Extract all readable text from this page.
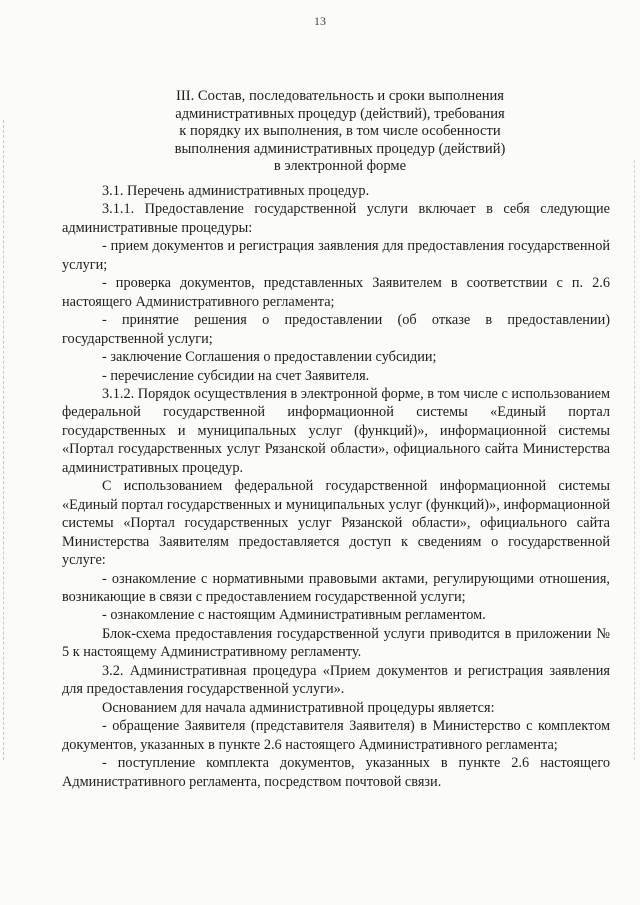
13
III. Состав, последовательность и сроки выполнения
административных процедур (действий), требования
к порядку их выполнения, в том числе особенности
выполнения административных процедур (действий)
в электронной форме

3.1. Перечень административных процедур.

3.1.1. Предоставление государственной услуги включает в себя следующие административные процедуры:

- прием документов и регистрация заявления для предоставления государственной услуги;

- проверка документов, представленных Заявителем в соответствии с п. 2.6 настоящего Административного регламента;

- принятие решения о предоставлении (об отказе в предоставлении) государственной услуги;

- заключение Соглашения о предоставлении субсидии;

- перечисление субсидии на счет Заявителя.

3.1.2. Порядок осуществления в электронной форме, в том числе с использованием федеральной государственной информационной системы «Единый портал государственных и муниципальных услуг (функций)», информационной системы «Портал государственных услуг Рязанской области», официального сайта Министерства административных процедур.

С использованием федеральной государственной информационной системы «Единый портал государственных и муниципальных услуг (функций)», информационной системы «Портал государственных услуг Рязанской области», официального сайта Министерства Заявителям предоставляется доступ к сведениям о государственной услуге:

- ознакомление с нормативными правовыми актами, регулирующими отношения, возникающие в связи с предоставлением государственной услуги;

- ознакомление с настоящим Административным регламентом.

Блок-схема предоставления государственной услуги приводится в приложении № 5 к настоящему Административному регламенту.

3.2. Административная процедура «Прием документов и регистрация заявления для предоставления государственной услуги».

Основанием для начала административной процедуры является:

- обращение Заявителя (представителя Заявителя) в Министерство с комплектом документов, указанных в пункте 2.6 настоящего Административного регламента;

- поступление комплекта документов, указанных в пункте 2.6 настоящего Административного регламента, посредством почтовой связи.
